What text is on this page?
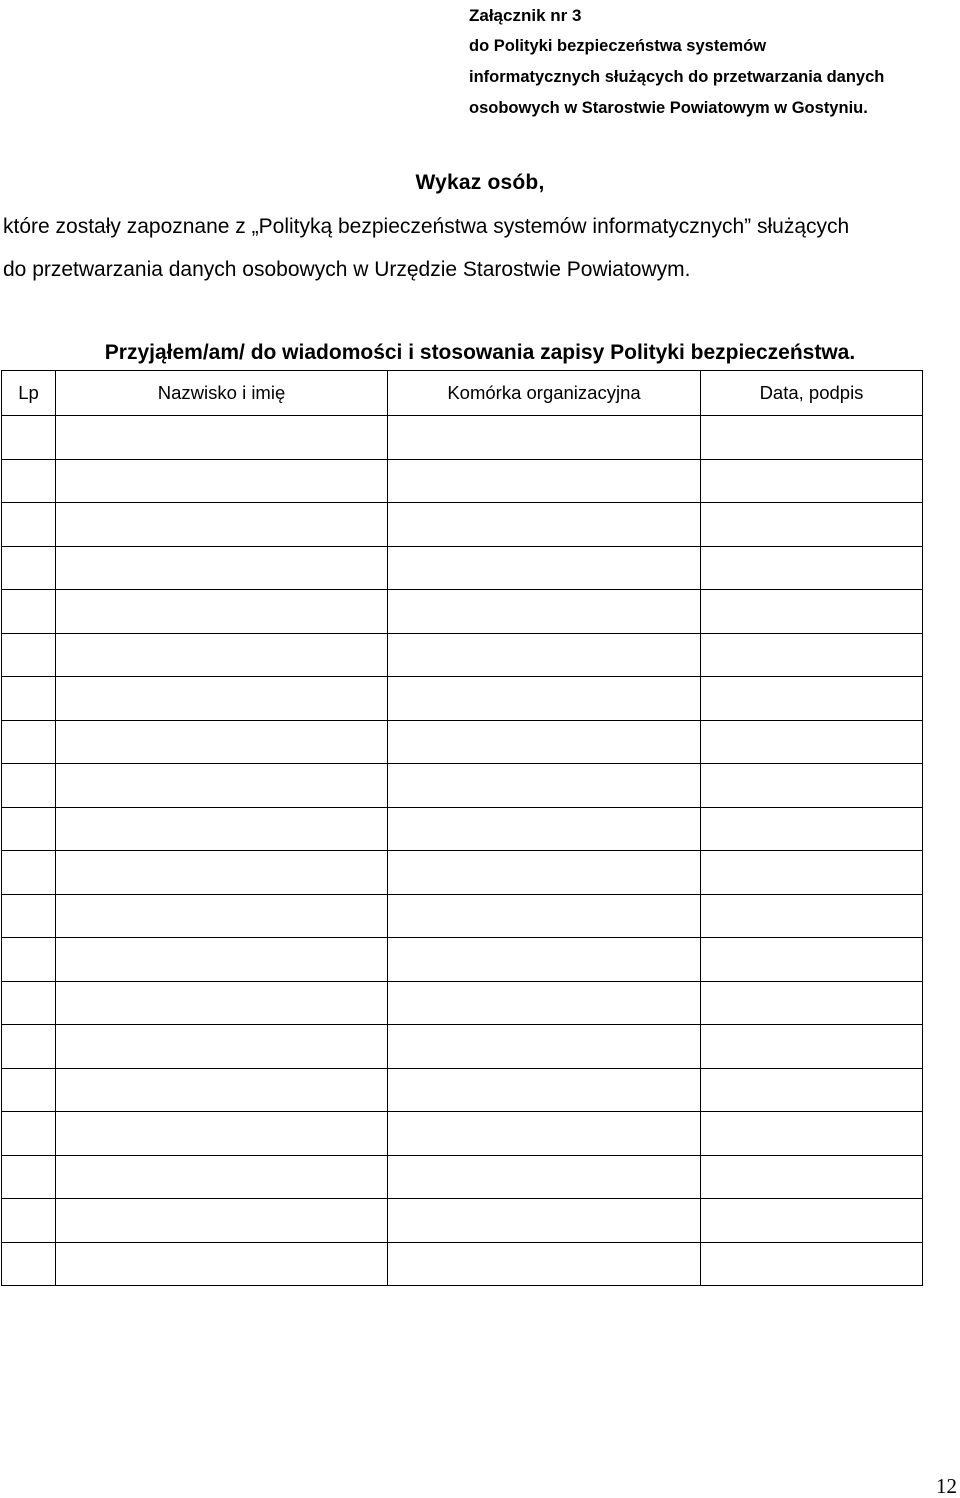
Załącznik nr 3
do Polityki bezpieczeństwa systemów
informatycznych służących do przetwarzania danych
osobowych w Starostwie Powiatowym w Gostyniu.
Wykaz osób,
które zostały zapoznane z „Polityką bezpieczeństwa systemów informatycznych” służących
do przetwarzania danych osobowych w Urzędzie Starostwie Powiatowym.
Przyjąłem/am/ do wiadomości i stosowania zapisy Polityki bezpieczeństwa.
Lp	Nazwisko i imię	Komórka organizacyjna	Data, podpis

12
